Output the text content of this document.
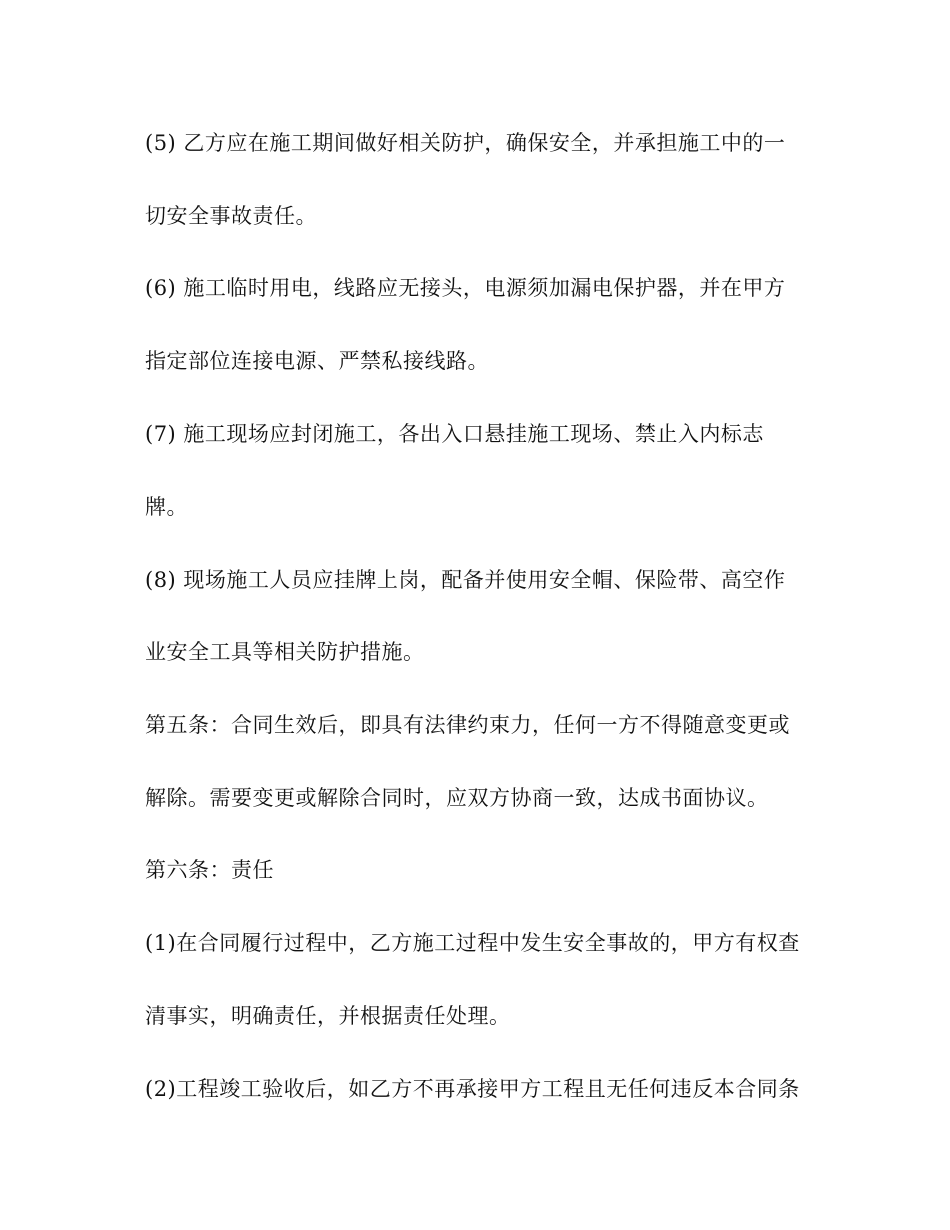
(5) 乙方应在施工期间做好相关防护，确保安全，并承担施工中的一
切安全事故责任。
(6) 施工临时用电，线路应无接头，电源须加漏电保护器，并在甲方
指定部位连接电源、严禁私接线路。
(7) 施工现场应封闭施工，各出入口悬挂施工现场、禁止入内标志
牌。
(8) 现场施工人员应挂牌上岗，配备并使用安全帽、保险带、高空作
业安全工具等相关防护措施。
第五条：合同生效后，即具有法律约束力，任何一方不得随意变更或
解除。需要变更或解除合同时，应双方协商一致，达成书面协议。
第六条：责任
(1)在合同履行过程中，乙方施工过程中发生安全事故的，甲方有权查
清事实，明确责任，并根据责任处理。
(2)工程竣工验收后，如乙方不再承接甲方工程且无任何违反本合同条
